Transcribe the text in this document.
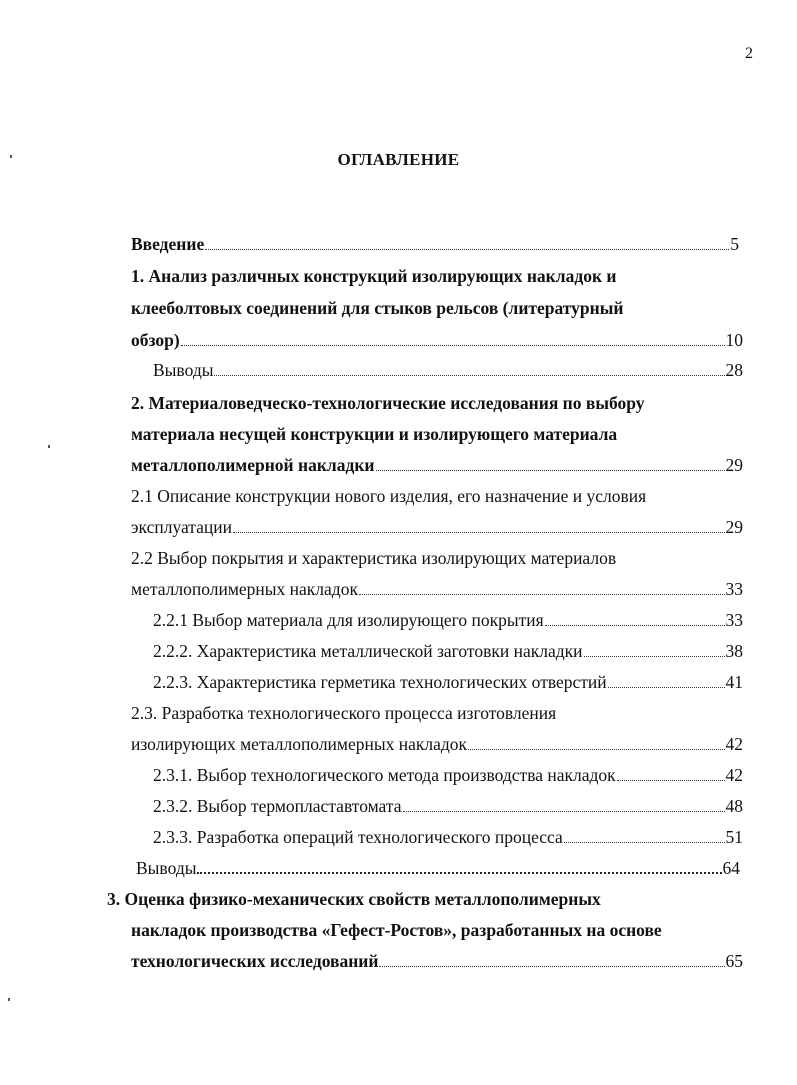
2
ОГЛАВЛЕНИЕ
Введение	5
1. Анализ различных конструкций изолирующих накладок и
клееболтовых соединений для стыков рельсов (литературный
обзор)	10
Выводы	28
2. Материаловедческо-технологические исследования по выбору
материала несущей конструкции и изолирующего материала
металлополимерной накладки	29
2.1 Описание конструкции нового изделия, его назначение и условия
эксплуатации	29
2.2 Выбор покрытия и характеристика изолирующих материалов
металлополимерных накладок	33
2.2.1 Выбор материала для изолирующего покрытия	33
2.2.2. Характеристика металлической заготовки накладки	38
2.2.3. Характеристика герметика технологических отверстий	41
2.3. Разработка технологического процесса изготовления
изолирующих металлополимерных накладок	42
2.3.1. Выбор технологического метода производства накладок	42
2.3.2. Выбор термопластавтомата	48
2.3.3. Разработка операций технологического процесса	51
Выводы	64
3. Оценка физико-механических свойств металлополимерных
накладок производства «Гефест-Ростов», разработанных на основе
технологических исследований	65
